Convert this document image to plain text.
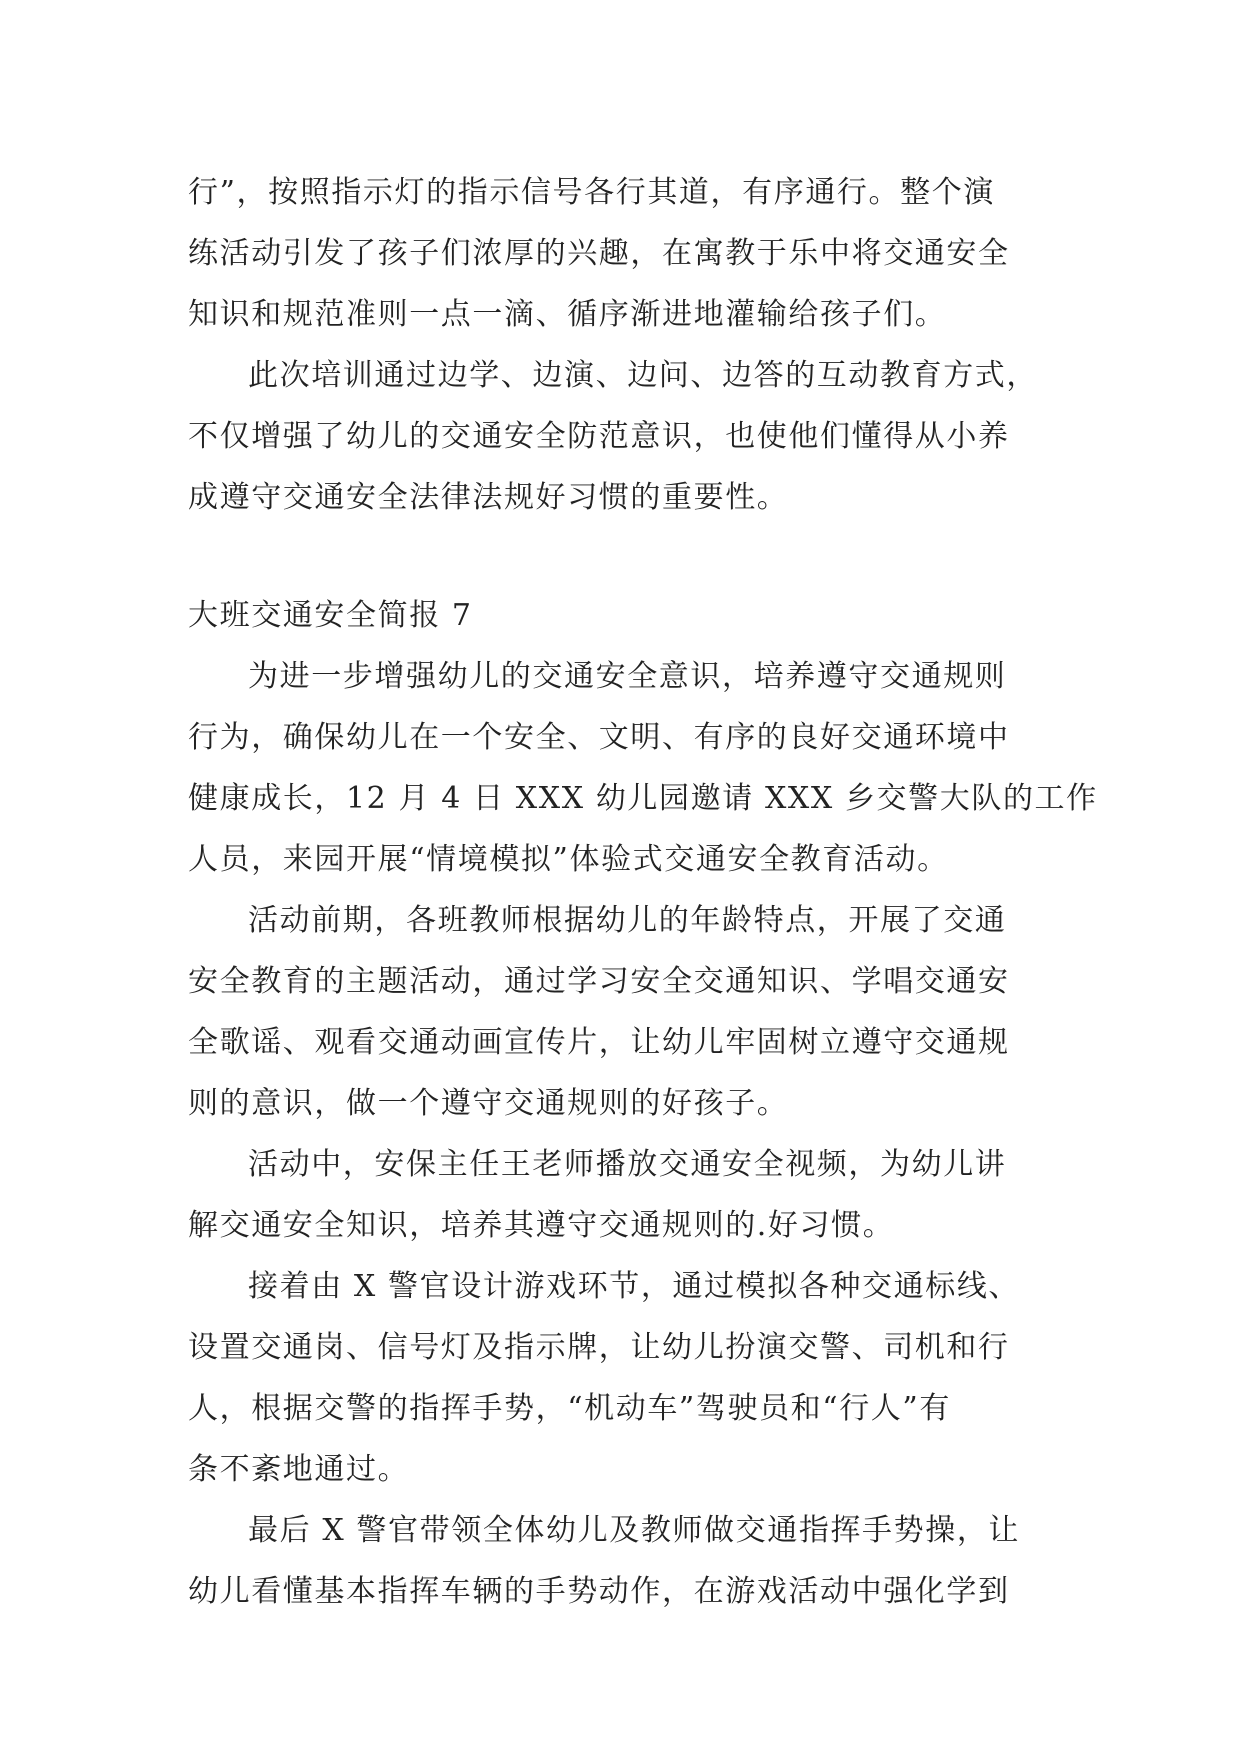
行”，按照指示灯的指示信号各行其道，有序通行。整个演
练活动引发了孩子们浓厚的兴趣，在寓教于乐中将交通安全
知识和规范准则一点一滴、循序渐进地灌输给孩子们。
此次培训通过边学、边演、边问、边答的互动教育方式，
不仅增强了幼儿的交通安全防范意识，也使他们懂得从小养
成遵守交通安全法律法规好习惯的重要性。
大班交通安全简报 7
为进一步增强幼儿的交通安全意识，培养遵守交通规则
行为，确保幼儿在一个安全、文明、有序的良好交通环境中
健康成长，12 月 4 日 XXX 幼儿园邀请 XXX 乡交警大队的工作
人员，来园开展“情境模拟”体验式交通安全教育活动。
活动前期，各班教师根据幼儿的年龄特点，开展了交通
安全教育的主题活动，通过学习安全交通知识、学唱交通安
全歌谣、观看交通动画宣传片，让幼儿牢固树立遵守交通规
则的意识，做一个遵守交通规则的好孩子。
活动中，安保主任王老师播放交通安全视频，为幼儿讲
解交通安全知识，培养其遵守交通规则的.好习惯。
接着由 X 警官设计游戏环节，通过模拟各种交通标线、
设置交通岗、信号灯及指示牌，让幼儿扮演交警、司机和行
人，根据交警的指挥手势，“机动车”驾驶员和“行人”有
条不紊地通过。
最后 X 警官带领全体幼儿及教师做交通指挥手势操，让
幼儿看懂基本指挥车辆的手势动作，在游戏活动中强化学到
